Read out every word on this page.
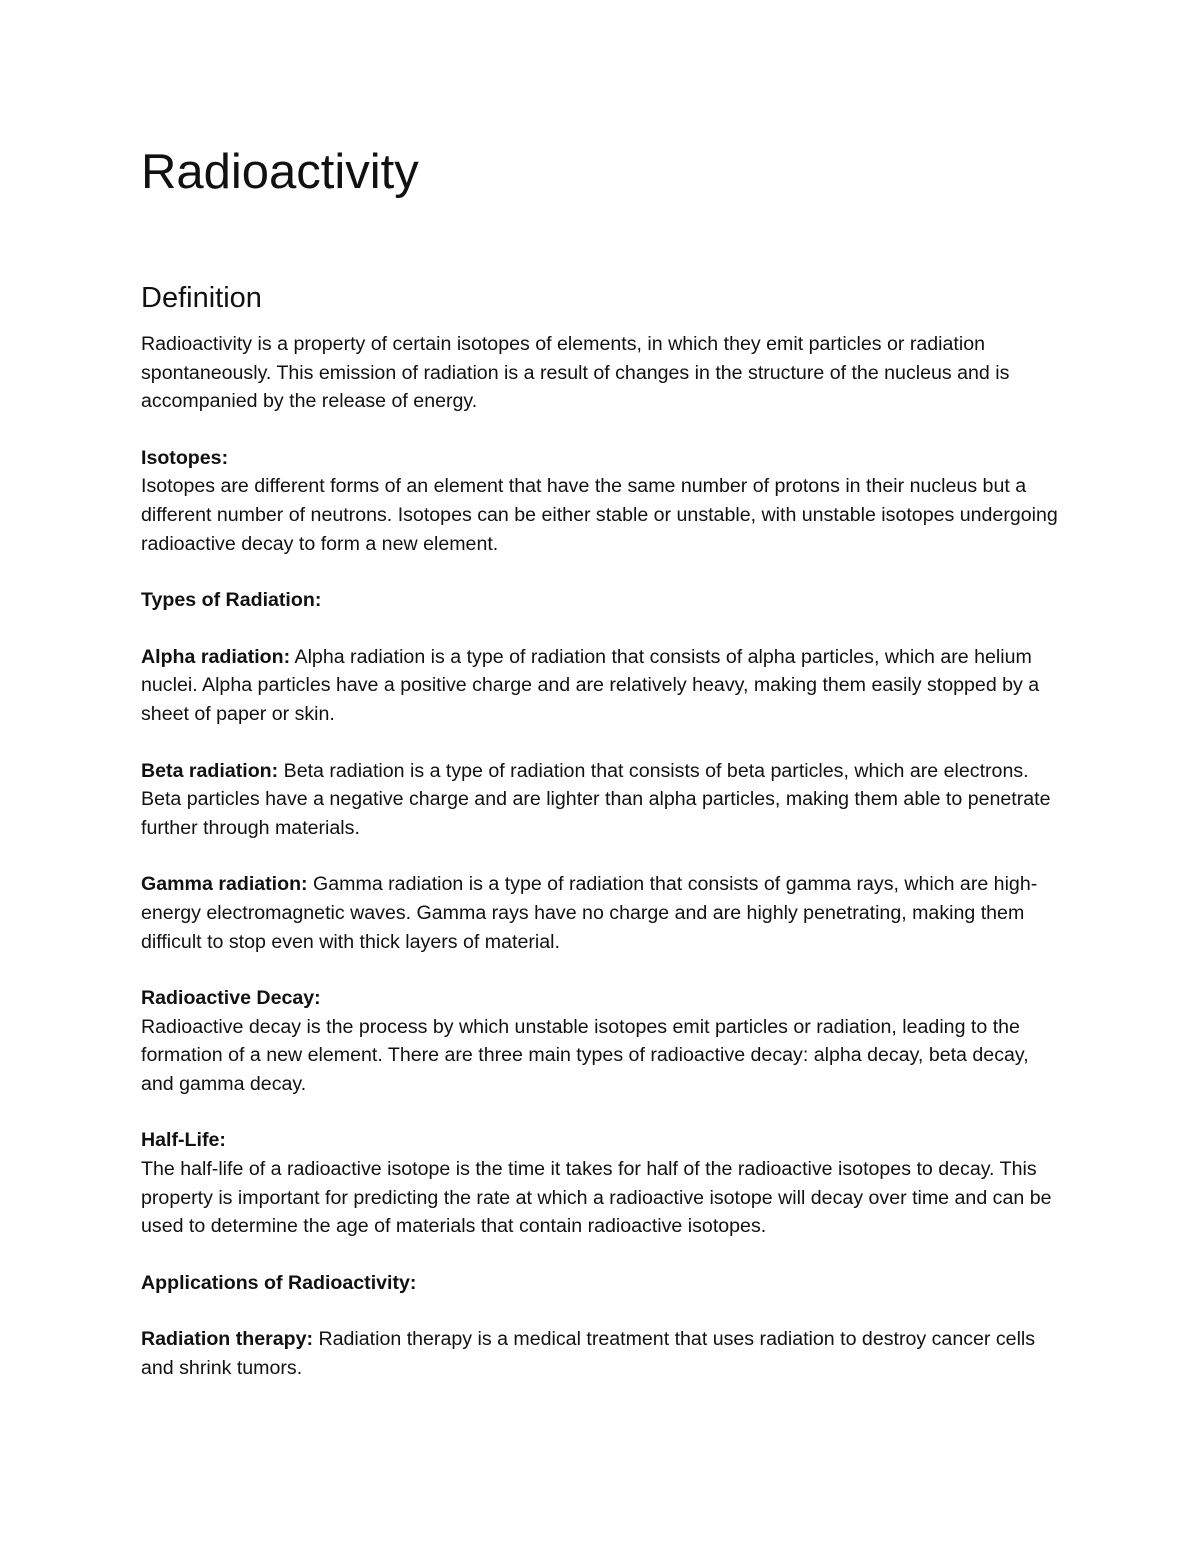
Radioactivity
Definition

Radioactivity is a property of certain isotopes of elements, in which they emit particles or radiation spontaneously. This emission of radiation is a result of changes in the structure of the nucleus and is accompanied by the release of energy.

Isotopes:
Isotopes are different forms of an element that have the same number of protons in their nucleus but a different number of neutrons. Isotopes can be either stable or unstable, with unstable isotopes undergoing radioactive decay to form a new element.

Types of Radiation:

Alpha radiation: Alpha radiation is a type of radiation that consists of alpha particles, which are helium nuclei. Alpha particles have a positive charge and are relatively heavy, making them easily stopped by a sheet of paper or skin.

Beta radiation: Beta radiation is a type of radiation that consists of beta particles, which are electrons. Beta particles have a negative charge and are lighter than alpha particles, making them able to penetrate further through materials.

Gamma radiation: Gamma radiation is a type of radiation that consists of gamma rays, which are high-energy electromagnetic waves. Gamma rays have no charge and are highly penetrating, making them difficult to stop even with thick layers of material.

Radioactive Decay:
Radioactive decay is the process by which unstable isotopes emit particles or radiation, leading to the formation of a new element. There are three main types of radioactive decay: alpha decay, beta decay, and gamma decay.

Half-Life:
The half-life of a radioactive isotope is the time it takes for half of the radioactive isotopes to decay. This property is important for predicting the rate at which a radioactive isotope will decay over time and can be used to determine the age of materials that contain radioactive isotopes.

Applications of Radioactivity:

Radiation therapy: Radiation therapy is a medical treatment that uses radiation to destroy cancer cells and shrink tumors.
